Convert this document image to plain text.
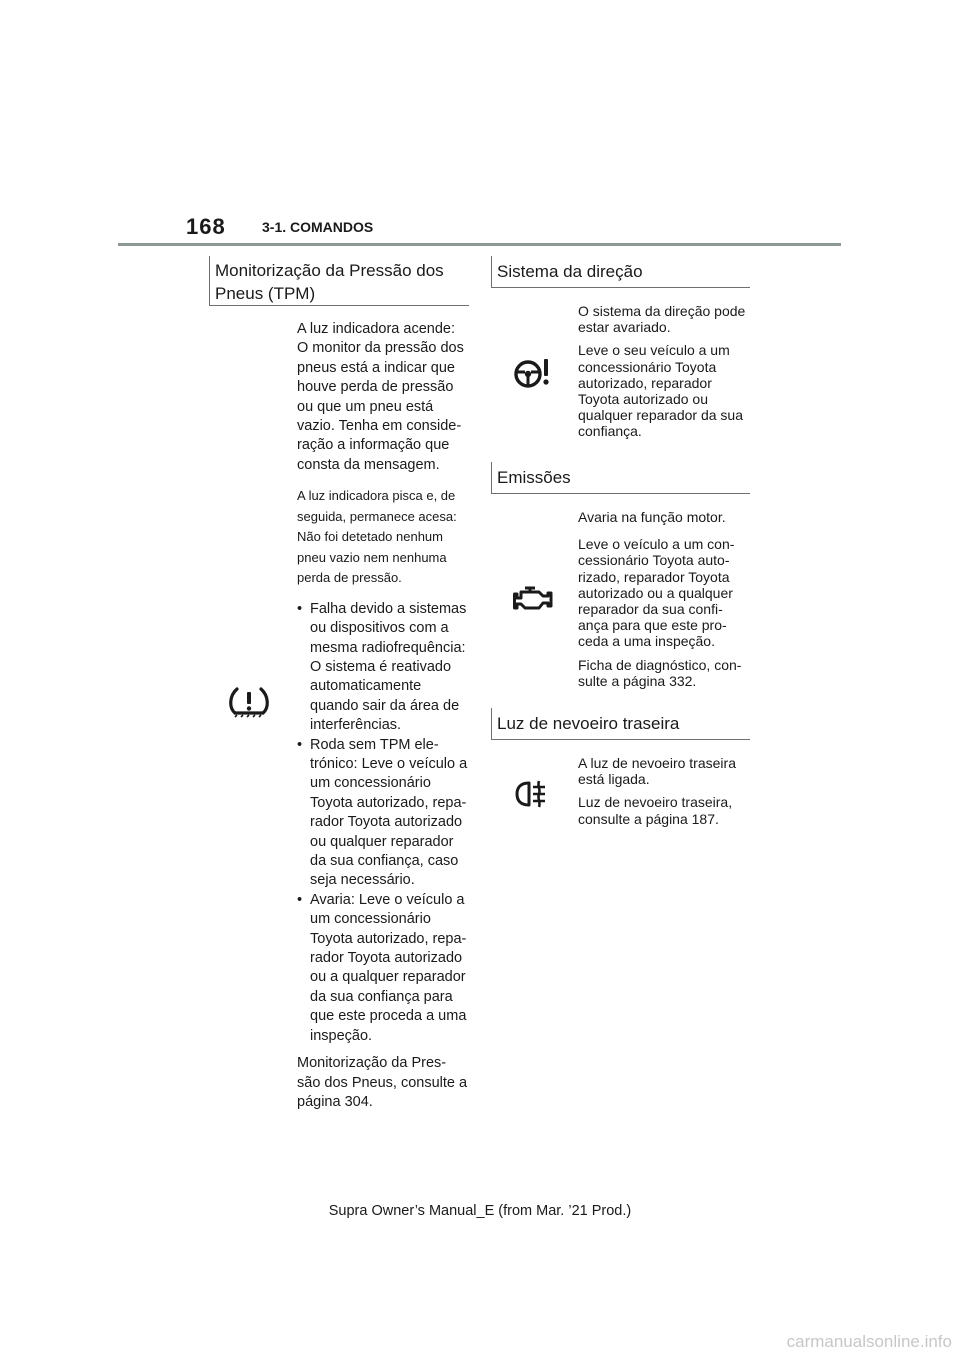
168	3-1. COMANDOS
Monitorização da Pressão dos Pneus (TPM)

A luz indicadora acende: O monitor da pressão dos pneus está a indicar que houve perda de pressão ou que um pneu está vazio. Tenha em conside-ração a informação que consta da mensagem.

A luz indicadora pisca e, de seguida, permanece acesa: Não foi detetado nenhum pneu vazio nem nenhuma perda de pressão.

• Falha devido a sistemas ou dispositivos com a mesma radiofrequência: O sistema é reativado automaticamente quando sair da área de interferências.
• Roda sem TPM ele-trónico: Leve o veículo a um concessionário Toyota autorizado, repa-rador Toyota autorizado ou qualquer reparador da sua confiança, caso seja necessário.
• Avaria: Leve o veículo a um concessionário Toyota autorizado, repa-rador Toyota autorizado ou a qualquer reparador da sua confiança para que este proceda a uma inspeção.

Monitorização da Pres-são dos Pneus, consulte a página 304.

Sistema da direção

O sistema da direção pode estar avariado.

Leve o seu veículo a um concessionário Toyota autorizado, reparador Toyota autorizado ou qualquer reparador da sua confiança.

Emissões

Avaria na função motor.

Leve o veículo a um con-cessionário Toyota auto-rizado, reparador Toyota autorizado ou a qualquer reparador da sua confi-ança para que este pro-ceda a uma inspeção.

Ficha de diagnóstico, con-sulte a página 332.

Luz de nevoeiro traseira

A luz de nevoeiro traseira está ligada.

Luz de nevoeiro traseira, consulte a página 187.

Supra Owner’s Manual_E (from Mar. ’21 Prod.)
carmanualsonline.info
